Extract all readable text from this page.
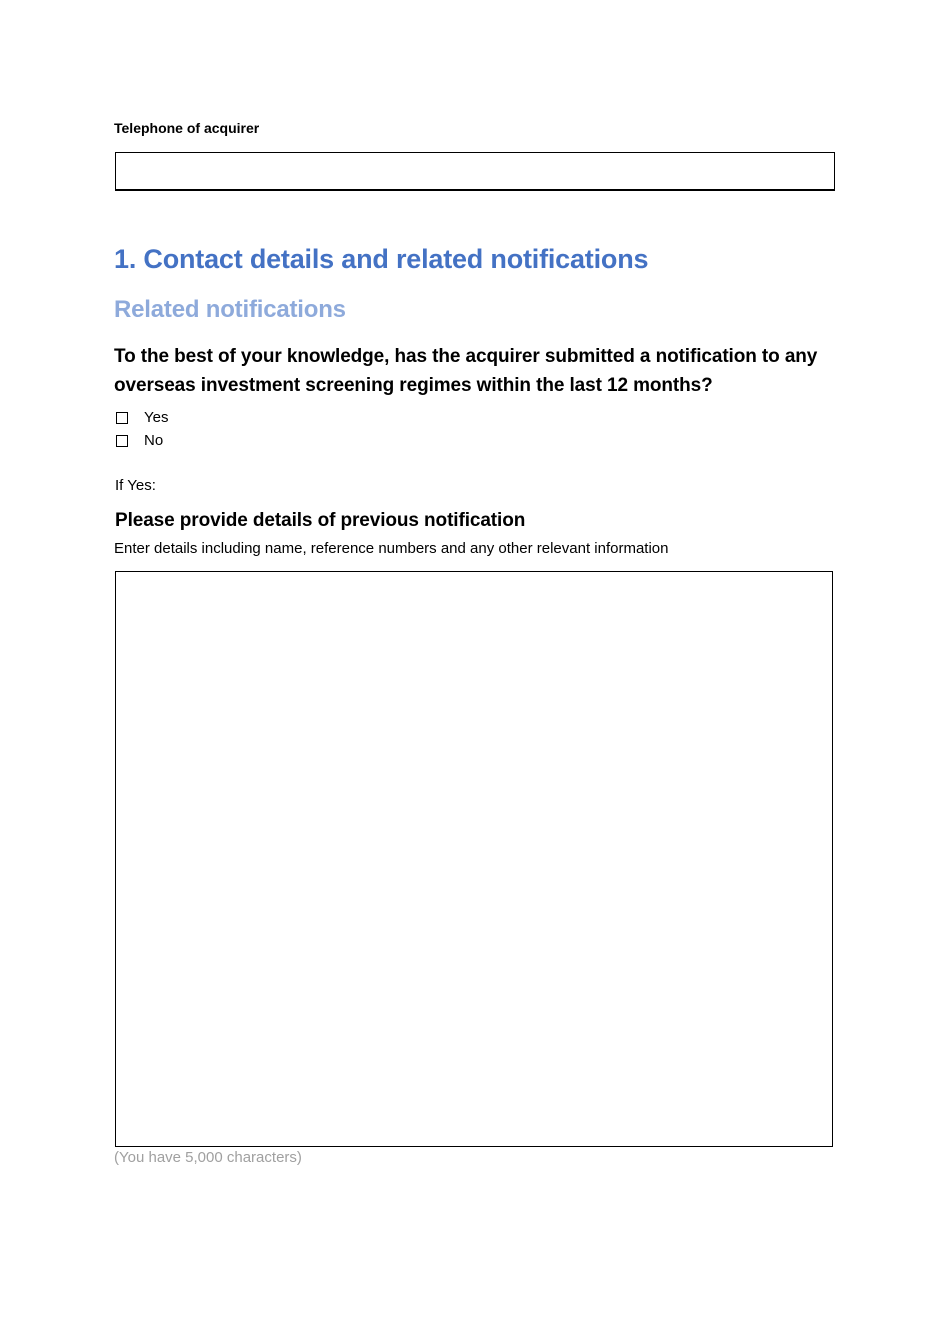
Telephone of acquirer
1. Contact details and related notifications
Related notifications
To the best of your knowledge, has the acquirer submitted a notification to any overseas investment screening regimes within the last 12 months?
Yes
No
If Yes:
Please provide details of previous notification
Enter details including name, reference numbers and any other relevant information
(You have 5,000 characters)
